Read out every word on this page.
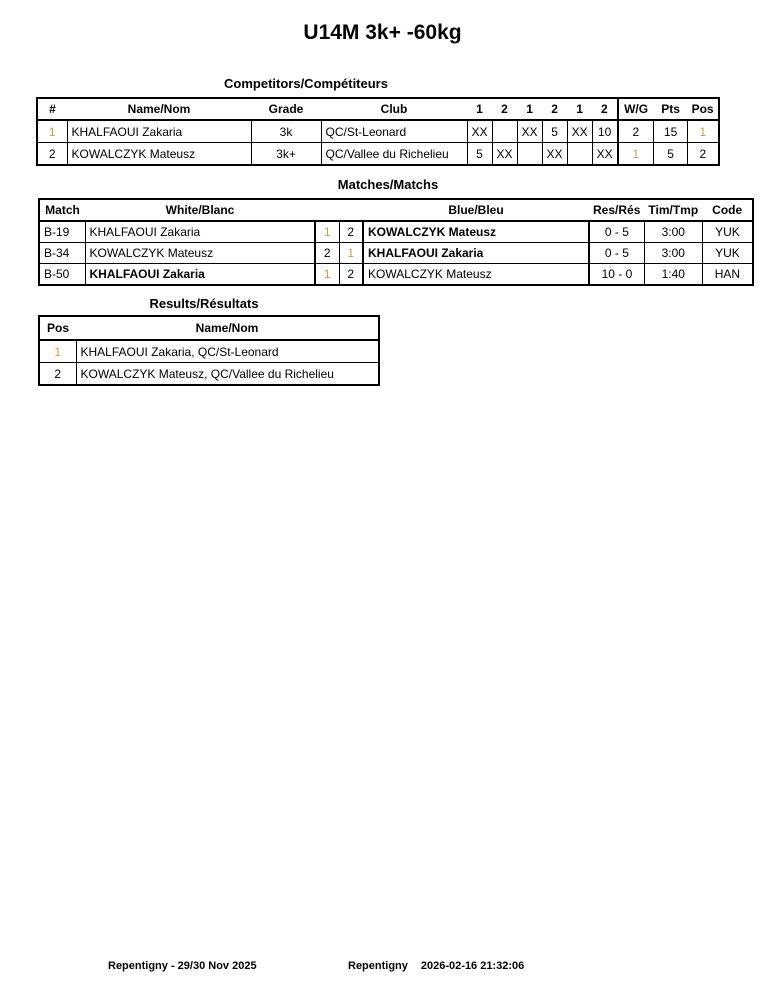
U14M 3k+ -60kg
Competitors/Compétiteurs
#	Name/Nom	Grade	Club	1	2	1	2	1	2	W/G	Pts	Pos
1	KHALFAOUI Zakaria	3k	QC/St-Leonard	XX		XX	5	XX	10	2	15	1
2	KOWALCZYK Mateusz	3k+	QC/Vallee du Richelieu	5	XX		XX		XX	1	5	2
Matches/Matchs
Match	White/Blanc			Blue/Bleu	Res/Rés	Tim/Tmp	Code
B-19	KHALFAOUI Zakaria	1	2	KOWALCZYK Mateusz	0 - 5	3:00	YUK
B-34	KOWALCZYK Mateusz	2	1	KHALFAOUI Zakaria	0 - 5	3:00	YUK
B-50	KHALFAOUI Zakaria	1	2	KOWALCZYK Mateusz	10 - 0	1:40	HAN
Results/Résultats
Pos	Name/Nom
1	KHALFAOUI Zakaria, QC/St-Leonard
2	KOWALCZYK Mateusz, QC/Vallee du Richelieu
Repentigny - 29/30 Nov 2025	Repentigny 2026-02-16 21:32:06
